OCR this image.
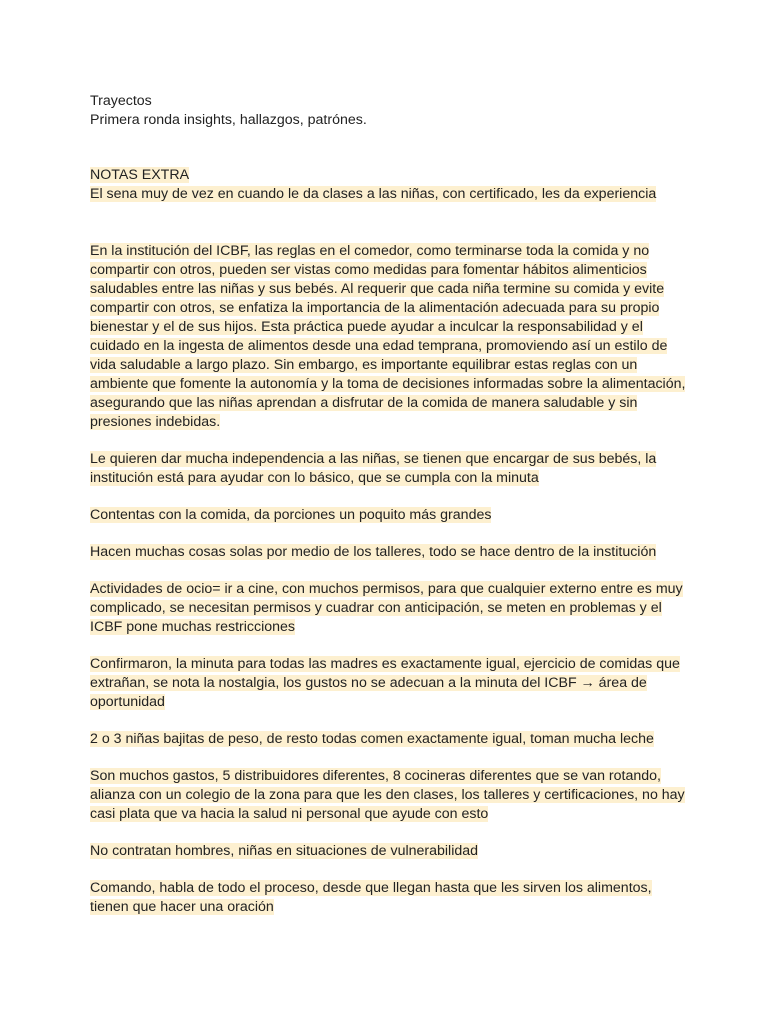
Trayectos
Primera ronda insights, hallazgos, patrónes.
NOTAS EXTRA
El sena muy de vez en cuando le da clases a las niñas, con certificado, les da experiencia
En la institución del ICBF, las reglas en el comedor, como terminarse toda la comida y no
compartir con otros, pueden ser vistas como medidas para fomentar hábitos alimenticios
saludables entre las niñas y sus bebés. Al requerir que cada niña termine su comida y evite
compartir con otros, se enfatiza la importancia de la alimentación adecuada para su propio
bienestar y el de sus hijos. Esta práctica puede ayudar a inculcar la responsabilidad y el
cuidado en la ingesta de alimentos desde una edad temprana, promoviendo así un estilo de
vida saludable a largo plazo. Sin embargo, es importante equilibrar estas reglas con un
ambiente que fomente la autonomía y la toma de decisiones informadas sobre la alimentación,
asegurando que las niñas aprendan a disfrutar de la comida de manera saludable y sin
presiones indebidas.
Le quieren dar mucha independencia a las niñas, se tienen que encargar de sus bebés, la
institución está para ayudar con lo básico, que se cumpla con la minuta
Contentas con la comida, da porciones un poquito más grandes
Hacen muchas cosas solas por medio de los talleres, todo se hace dentro de la institución
Actividades de ocio= ir a cine, con muchos permisos, para que cualquier externo entre es muy
complicado, se necesitan permisos y cuadrar con anticipación, se meten en problemas y el
ICBF pone muchas restricciones
Confirmaron, la minuta para todas las madres es exactamente igual, ejercicio de comidas que
extrañan, se nota la nostalgia, los gustos no se adecuan a la minuta del ICBF → área de
oportunidad
2 o 3 niñas bajitas de peso, de resto todas comen exactamente igual, toman mucha leche
Son muchos gastos, 5 distribuidores diferentes, 8 cocineras diferentes que se van rotando,
alianza con un colegio de la zona para que les den clases, los talleres y certificaciones, no hay
casi plata que va hacia la salud ni personal que ayude con esto
No contratan hombres, niñas en situaciones de vulnerabilidad
Comando, habla de todo el proceso, desde que llegan hasta que les sirven los alimentos,
tienen que hacer una oración
